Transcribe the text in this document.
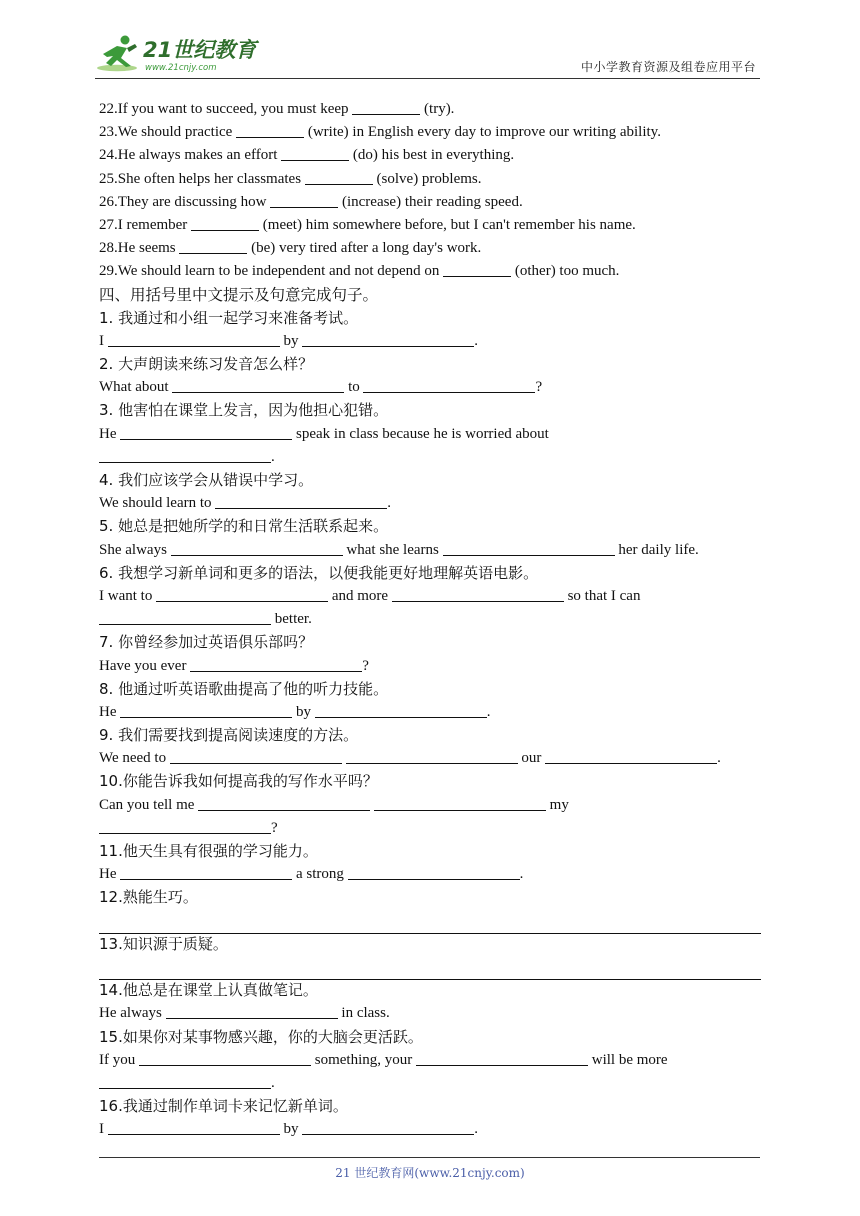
21世纪教育
www.21cnjy.com	中小学教育资源及组卷应用平台
22.If you want to succeed, you must keep	(try).
23.We should practice	(write) in English every day to improve our writing ability.
24.He always makes an effort	(do) his best in everything.
25.She often helps her classmates	(solve) problems.
26.They are discussing how	(increase) their reading speed.
27.I remember	(meet) him somewhere before, but I can't remember his name.
28.He seems	(be) very tired after a long day's work.
29.We should learn to be independent and not depend on	(other) too much.
四、用括号里中文提示及句意完成句子。
1. 我通过和小组一起学习来准备考试。
I	by	.
2. 大声朗读来练习发音怎么样？
What about	to	?
3. 他害怕在课堂上发言，因为他担心犯错。
He	speak in class because he is worried about
.
4. 我们应该学会从错误中学习。
We should learn to	.
5. 她总是把她所学的和日常生活联系起来。
She always	what she learns	her daily life.
6. 我想学习新单词和更多的语法，以便我能更好地理解英语电影。
I want to	and more	so that I can
better.
7. 你曾经参加过英语俱乐部吗？
Have you ever	?
8. 他通过听英语歌曲提高了他的听力技能。
He	by	.
9. 我们需要找到提高阅读速度的方法。
We need to	our	.
10.你能告诉我如何提高我的写作水平吗？
Can you tell me	my
?
11.他天生具有很强的学习能力。
He	a strong	.
12.熟能生巧。
13.知识源于质疑。
14.他总是在课堂上认真做笔记。
He always	in class.
15.如果你对某事物感兴趣，你的大脑会更活跃。
If you	something, your	will be more
.
16.我通过制作单词卡来记忆新单词。
I	by	.
21 世纪教育网(www.21cnjy.com)
